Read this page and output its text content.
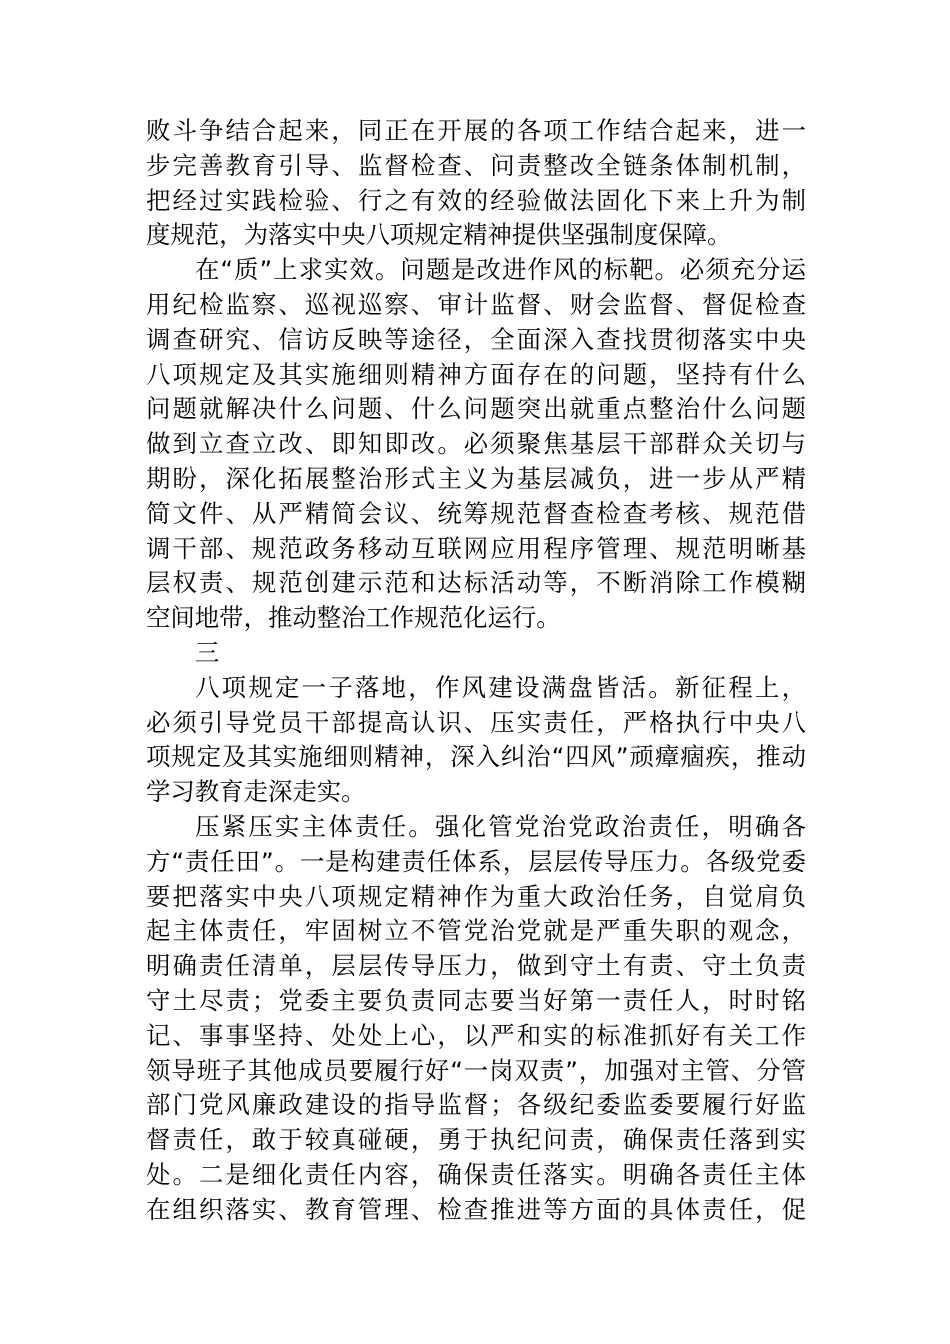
败斗争结合起来，同正在开展的各项工作结合起来，进一
步完善教育引导、监督检查、问责整改全链条体制机制，
把经过实践检验、行之有效的经验做法固化下来上升为制
度规范，为落实中央八项规定精神提供坚强制度保障。
在“质”上求实效。问题是改进作风的标靶。必须充分运
用纪检监察、巡视巡察、审计监督、财会监督、督促检查
调查研究、信访反映等途径，全面深入查找贯彻落实中央
八项规定及其实施细则精神方面存在的问题，坚持有什么
问题就解决什么问题、什么问题突出就重点整治什么问题
做到立查立改、即知即改。必须聚焦基层干部群众关切与
期盼，深化拓展整治形式主义为基层减负，进一步从严精
简文件、从严精简会议、统筹规范督查检查考核、规范借
调干部、规范政务移动互联网应用程序管理、规范明晰基
层权责、规范创建示范和达标活动等，不断消除工作模糊
空间地带，推动整治工作规范化运行。
三
八项规定一子落地，作风建设满盘皆活。新征程上，
必须引导党员干部提高认识、压实责任，严格执行中央八
项规定及其实施细则精神，深入纠治“四风”顽瘴痼疾，推动
学习教育走深走实。
压紧压实主体责任。强化管党治党政治责任，明确各
方“责任田”。一是构建责任体系，层层传导压力。各级党委
要把落实中央八项规定精神作为重大政治任务，自觉肩负
起主体责任，牢固树立不管党治党就是严重失职的观念，
明确责任清单，层层传导压力，做到守土有责、守土负责
守土尽责；党委主要负责同志要当好第一责任人，时时铭
记、事事坚持、处处上心，以严和实的标准抓好有关工作
领导班子其他成员要履行好“一岗双责”，加强对主管、分管
部门党风廉政建设的指导监督；各级纪委监委要履行好监
督责任，敢于较真碰硬，勇于执纪问责，确保责任落到实
处。二是细化责任内容，确保责任落实。明确各责任主体
在组织落实、教育管理、检查推进等方面的具体责任，促
